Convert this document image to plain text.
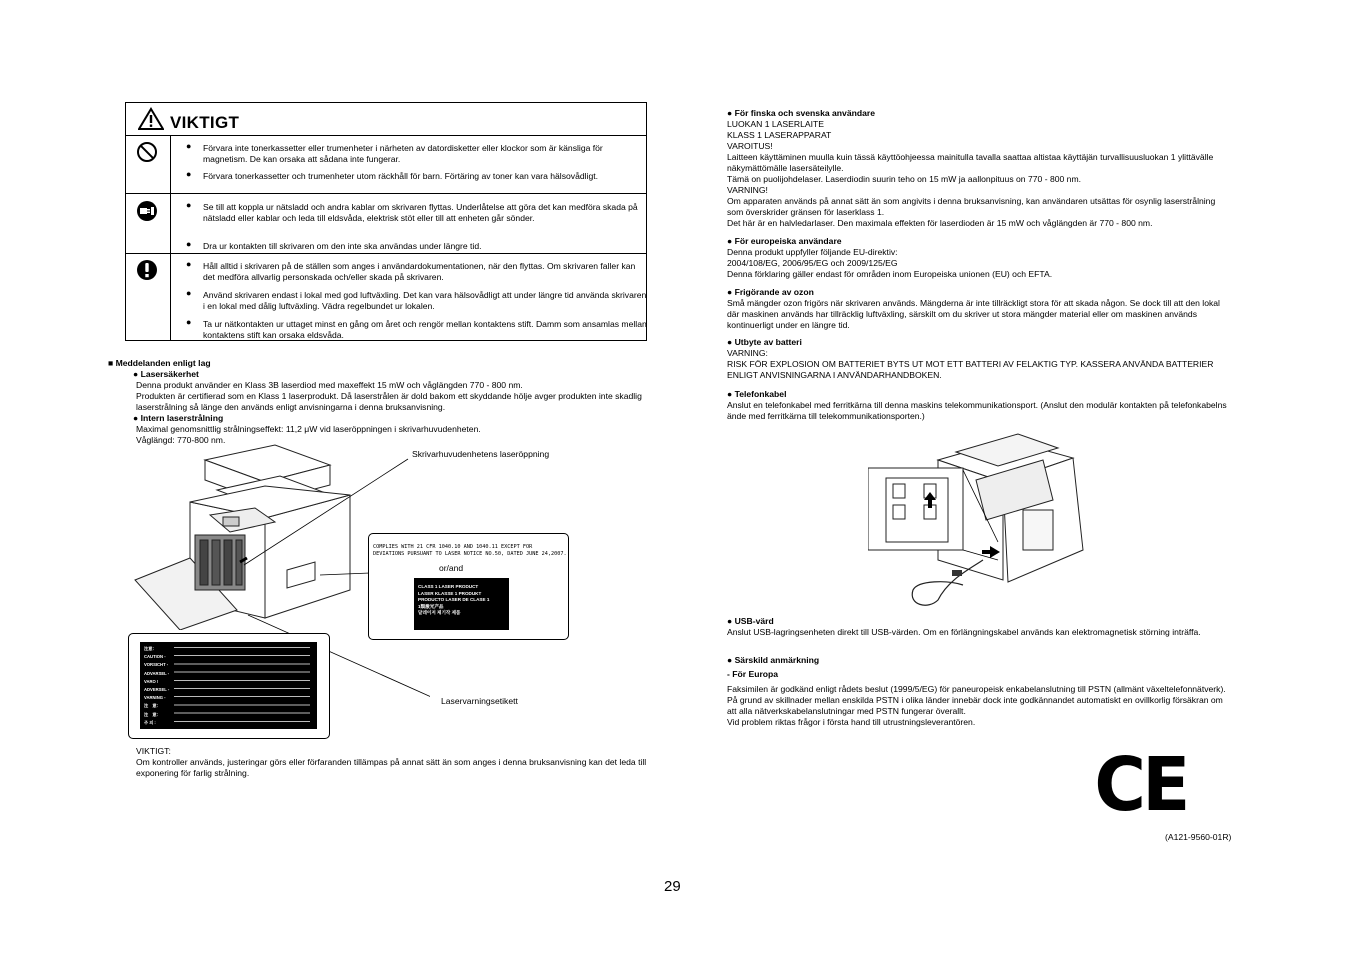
VIKTIGT
● Förvara inte tonerkassetter eller trumenheter i närheten av datordisketter eller klockor som är känsliga för magnetism. De kan orsaka att sådana inte fungerar.

● Förvara tonerkassetter och trumenheter utom räckhåll för barn. Förtäring av toner kan vara hälsovådligt.

● Se till att koppla ur nätsladd och andra kablar om skrivaren flyttas. Underlåtelse att göra det kan medföra skada på nätsladd eller kablar och leda till eldsvåda, elektrisk stöt eller till att enheten går sönder.

● Dra ur kontakten till skrivaren om den inte ska användas under längre tid.

● Håll alltid i skrivaren på de ställen som anges i användardokumentationen, när den flyttas. Om skrivaren faller kan det medföra allvarlig personskada och/eller skada på skrivaren.

● Använd skrivaren endast i lokal med god luftväxling. Det kan vara hälsovådligt att under längre tid använda skrivaren i en lokal med dålig luftväxling. Vädra regelbundet ur lokalen.

● Ta ur nätkontakten ur uttaget minst en gång om året och rengör mellan kontaktens stift. Damm som ansamlas mellan kontaktens stift kan orsaka eldsvåda.

■ Meddelanden enligt lag
● Lasersäkerhet
Denna produkt använder en Klass 3B laserdiod med maxeffekt 15 mW och våglängden 770 - 800 nm.
Produkten är certifierad som en Klass 1 laserprodukt. Då laserstrålen är dold bakom ett skyddande hölje avger produkten inte skadlig laserstrålning så länge den används enligt anvisningarna i denna bruksanvisning.
● Intern laserstrålning
Maximal genomsnittlig strålningseffekt: 11,2 μW vid laseröppningen i skrivarhuvudenheten.
Våglängd: 770-800 nm.
Skrivarhuvudenhetens laseröppning
Laservarningsetikett
COMPLIES WITH 21 CFR 1040.10 AND 1040.11 EXCEPT FOR
DEVIATIONS PURSUANT TO LASER NOTICE NO.50, DATED JUNE 24,2007.
or/and
CLASS 1 LASER PRODUCT
LASER KLASSE 1 PRODUKT
PRODUCTO LASER DE CLASE 1
1類激光产品
달레이저 제기작 제품
注意：
CAUTION -
VORSICHT -
ADVARSEL -
VARO !
ADVERSEL -
VARNING -
注　意：
注　意：
주 의 :
VIKTIGT:
Om kontroller används, justeringar görs eller förfaranden tillämpas på annat sätt än som anges i denna bruksanvisning kan det leda till exponering för farlig strålning.
● För finska och svenska användare
LUOKAN 1 LASERLAITE
KLASS 1 LASERAPPARAT
VAROITUS!
Laitteen käyttäminen muulla kuin tässä käyttöohjeessa mainitulla tavalla saattaa altistaa käyttäjän turvallisuusluokan 1 ylittävälle näkymättömälle lasersäteilylle.
Tämä on puolijohdelaser. Laserdiodin suurin teho on 15 mW ja aallonpituus on 770 - 800 nm.
VARNING!
Om apparaten används på annat sätt än som angivits i denna bruksanvisning, kan användaren utsättas för osynlig laserstrålning som överskrider gränsen för laserklass 1.
Det här är en halvledarlaser. Den maximala effekten för laserdioden är 15 mW och våglängden är 770 - 800 nm.
● För europeiska användare
Denna produkt uppfyller följande EU-direktiv:
2004/108/EG, 2006/95/EG och 2009/125/EG
Denna förklaring gäller endast för områden inom Europeiska unionen (EU) och EFTA.
● Frigörande av ozon
Små mängder ozon frigörs när skrivaren används. Mängderna är inte tillräckligt stora för att skada någon. Se dock till att den lokal där maskinen används har tillräcklig luftväxling, särskilt om du skriver ut stora mängder material eller om maskinen används kontinuerligt under en längre tid.
● Utbyte av batteri
VARNING:
RISK FÖR EXPLOSION OM BATTERIET BYTS UT MOT ETT BATTERI AV FELAKTIG TYP. KASSERA ANVÄNDA BATTERIER ENLIGT ANVISNINGARNA I ANVÄNDARHANDBOKEN.
● Telefonkabel
Anslut en telefonkabel med ferritkärna till denna maskins telekommunikationsport. (Anslut den modulär kontakten på telefonkabelns ände med ferritkärna till telekommunikationsporten.)
● USB-värd
Anslut USB-lagringsenheten direkt till USB-värden. Om en förlängningskabel används kan elektromagnetisk störning inträffa.
● Särskild anmärkning
- För Europa
Faksimilen är godkänd enligt rådets beslut (1999/5/EG) för paneuropeisk enkabelanslutning till PSTN (allmänt växeltelefonnätverk). På grund av skillnader mellan enskilda PSTN i olika länder innebär dock inte godkännandet automatiskt en ovillkorlig försäkran om att alla nätverkskabelanslutningar med PSTN fungerar överallt.
Vid problem riktas frågor i första hand till utrustningsleverantören.
CE
(A121-9560-01R)
29
